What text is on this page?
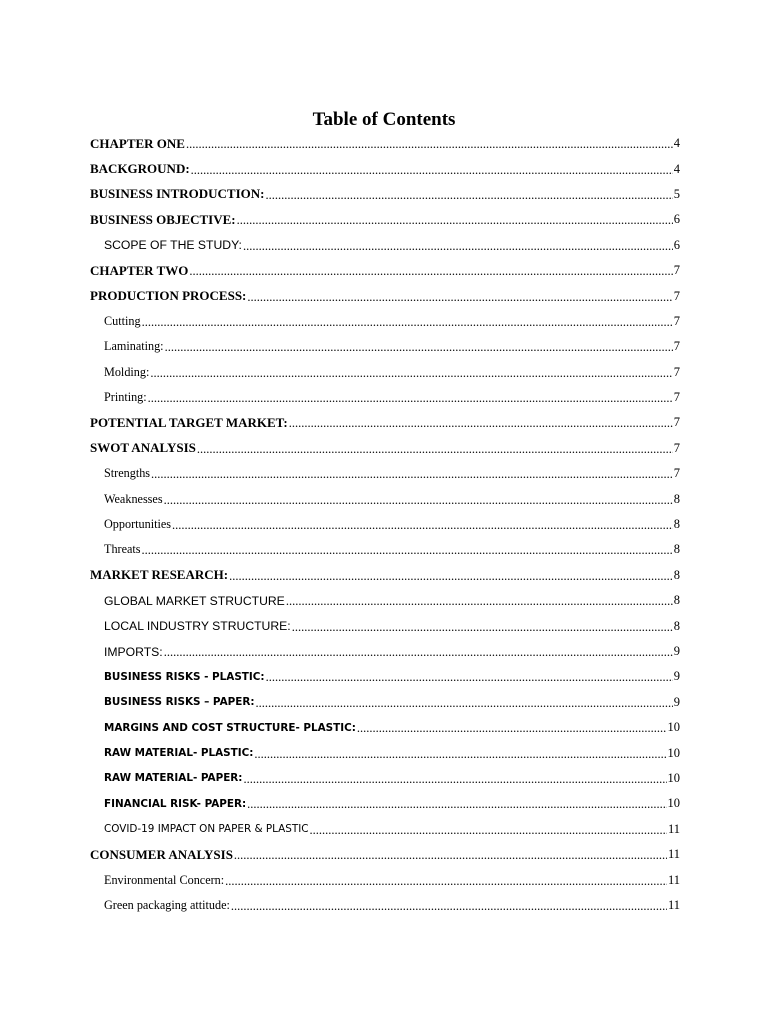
Table of Contents
CHAPTER ONE .....	4
BACKGROUND: .....	4
BUSINESS INTRODUCTION: .....	5
BUSINESS OBJECTIVE: .....	6
SCOPE OF THE STUDY: .....	6
CHAPTER TWO .....	7
PRODUCTION PROCESS: .....	7
Cutting .....	7
Laminating: .....	7
Molding: .....	7
Printing: .....	7
POTENTIAL TARGET MARKET: .....	7
SWOT ANALYSIS .....	7
Strengths .....	7
Weaknesses .....	8
Opportunities .....	8
Threats .....	8
MARKET RESEARCH: .....	8
GLOBAL MARKET STRUCTURE .....	8
LOCAL INDUSTRY STRUCTURE: .....	8
IMPORTS: .....	9
BUSINESS RISKS - PLASTIC: .....	9
BUSINESS RISKS – PAPER: .....	9
MARGINS AND COST STRUCTURE- PLASTIC: .....	10
RAW MATERIAL- PLASTIC: .....	10
RAW MATERIAL- PAPER: .....	10
FINANCIAL RISK- PAPER: .....	10
COVID-19 IMPACT ON PAPER & PLASTIC .....	11
CONSUMER ANALYSIS .....	11
Environmental Concern: .....	11
Green packaging attitude: .....	11
